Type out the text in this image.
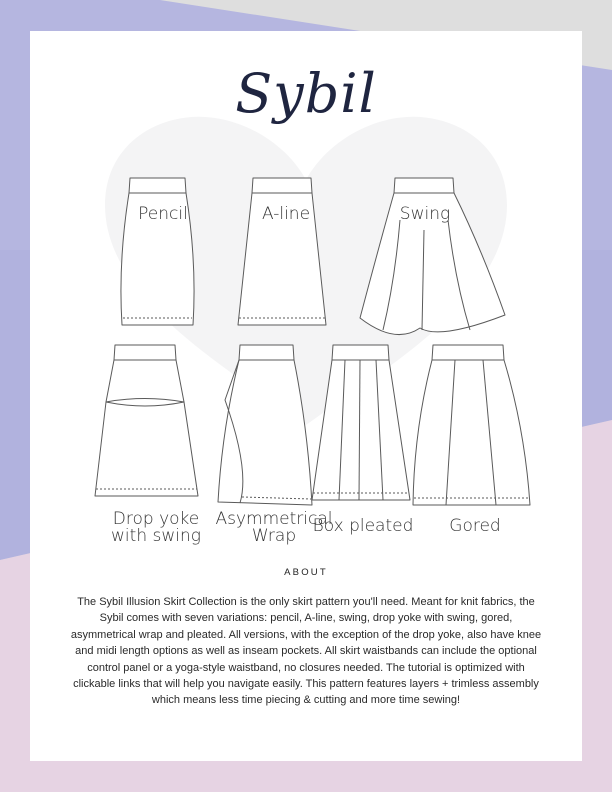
Sybil
Pencil	A-line	Swing
Drop yoke
with swing
Asymmetrical
Wrap Box pleated	Gored
ABOUT
The Sybil Illusion Skirt Collection is the only skirt pattern you'll need. Meant for knit fabrics, the Sybil comes with seven variations: pencil, A-line, swing, drop yoke with swing, gored, asymmetrical wrap and pleated. All versions, with the exception of the drop yoke, also have knee and midi length options as well as inseam pockets. All skirt waistbands can include the optional control panel or a yoga-style waistband, no closures needed. The tutorial is optimized with clickable links that will help you navigate easily. This pattern features layers + trimless assembly which means less time piecing & cutting and more time sewing!
